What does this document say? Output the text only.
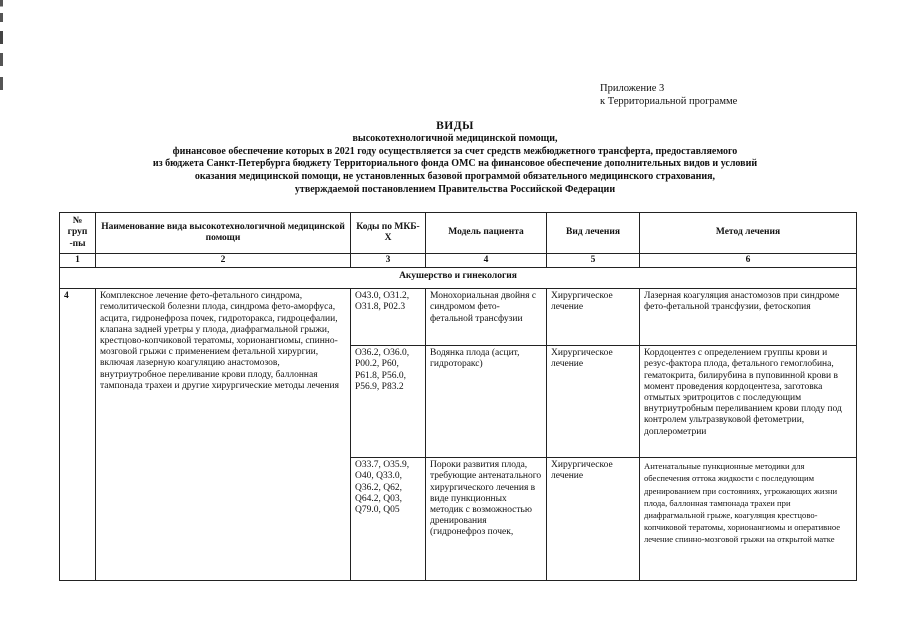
Приложение 3
к Территориальной программе
ВИДЫ
высокотехнологичной медицинской помощи,
финансовое обеспечение которых в 2021 году осуществляется за счет средств межбюджетного трансферта, предоставляемого
из бюджета Санкт-Петербурга бюджету Территориального фонда ОМС на финансовое обеспечение дополнительных видов и условий
оказания медицинской помощи, не установленных базовой программой обязательного медицинского страхования,
утверждаемой постановлением Правительства Российской Федерации
№ груп -пы	Наименование вида высокотехнологичной медицинской помощи	Коды по МКБ-Х	Модель пациента	Вид лечения	Метод лечения
1	2	3	4	5	6
Акушерство и гинекология					
4	Комплексное лечение фето-фетального синдрома, гемолитической болезни плода, синдрома фето-аморфуса, асцита, гидронефроза почек, гидроторакса, гидроцефалии, клапана задней уретры у плода, диафрагмальной грыжи, крестцово-копчиковой тератомы, хорионангиомы, спинно-мозговой грыжи с применением фетальной хирургии, включая лазерную коагуляцию анастомозов, внутриутробное переливание крови плоду, баллонная тампонада трахеи и другие хирургические методы лечения	O43.0, O31.2, O31.8, P02.3	Монохориальная двойня с синдромом фето-фетальной трансфузии	Хирургическое лечение	Лазерная коагуляция анастомозов при синдроме фето-фетальной трансфузии, фетоскопия
		O36.2, O36.0, P00.2, P60, P61.8, P56.0, P56.9, P83.2	Водянка плода (асцит, гидроторакс)	Хирургическое лечение	Кордоцентез с определением группы крови и резус-фактора плода, фетального гемоглобина, гематокрита, билирубина в пуповинной крови в момент проведения кордоцентеза, заготовка отмытых эритроцитов с последующим внутриутробным переливанием крови плоду под контролем ультразвуковой фетометрии, доплерометрии
		O33.7, O35.9, O40, Q33.0, Q36.2, Q62, Q64.2, Q03, Q79.0, Q05	Пороки развития плода, требующие антенатального хирургического лечения в виде пункционных методик с возможностью дренирования (гидронефроз почек,	Хирургическое лечение	Антенатальные пункционные методики для обеспечения оттока жидкости с последующим дренированием при состояниях, угрожающих жизни плода, баллонная тампонада трахеи при диафрагмальной грыже, коагуляция крестцово-копчиковой тератомы, хорионангиомы и оперативное лечение спинно-мозговой грыжи на открытой матке
